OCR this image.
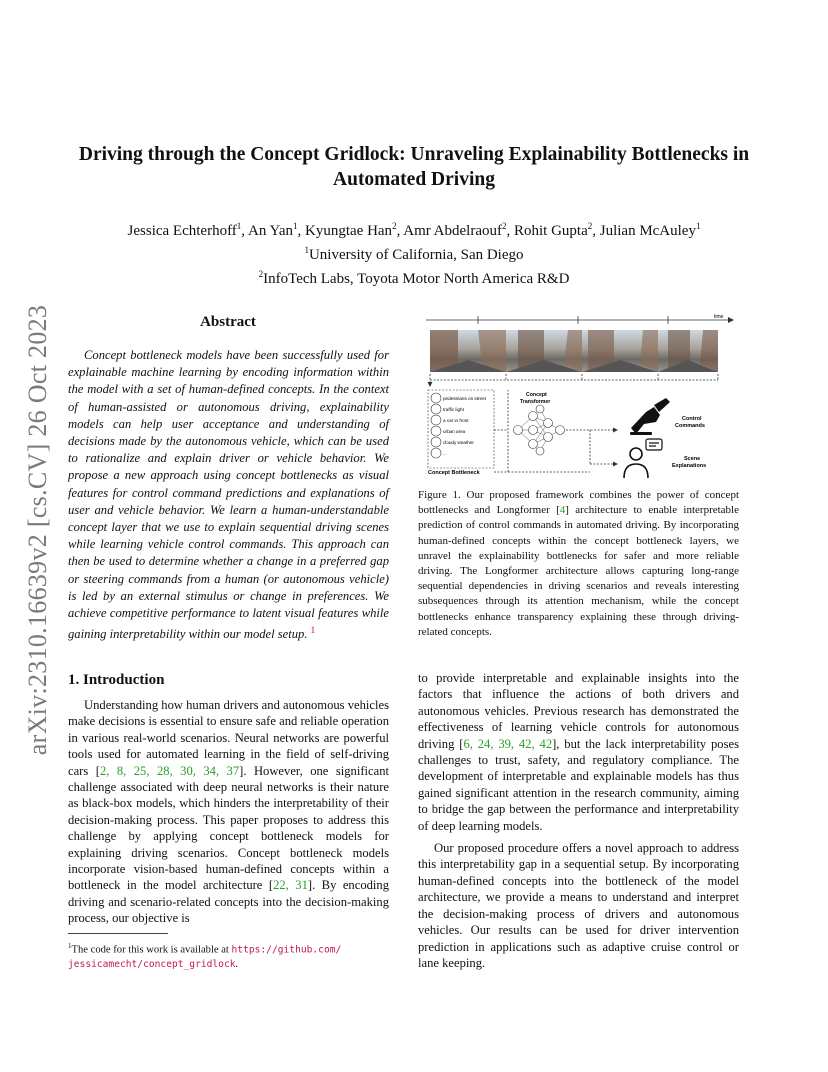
arXiv:2310.16639v2 [cs.CV] 26 Oct 2023
Driving through the Concept Gridlock: Unraveling Explainability Bottlenecks in
Automated Driving
Jessica Echterhoff$^1$, An Yan$^1$, Kyungtae Han$^2$, Amr Abdelraouf$^2$, Rohit Gupta$^2$, Julian McAuley$^1$
$^1$University of California, San Diego
$^2$InfoTech Labs, Toyota Motor North America R&D
Abstract
Concept bottleneck models have been successfully used for explainable machine learning by encoding information within the model with a set of human-defined concepts. In the context of human-assisted or autonomous driving, explainability models can help user acceptance and understanding of decisions made by the autonomous vehicle, which can be used to rationalize and explain driver or vehicle behavior. We propose a new approach using concept bottlenecks as visual features for control command predictions and explanations of user and vehicle behavior. We learn a human-understandable concept layer that we use to explain sequential driving scenes while learning vehicle control commands. This approach can then be used to determine whether a change in a preferred gap or steering commands from a human (or autonomous vehicle) is led by an external stimulus or change in preferences. We achieve competitive performance to latent visual features while gaining interpretability within our model setup. $^1$
time
pedestrians on street
traffic light
a car in front
urban area
cloudy weather
...
Concept Bottleneck
Concept
Transformer
Control
Commands
Scene
Explanations
Figure 1. Our proposed framework combines the power of concept bottlenecks and Longformer [4] architecture to enable interpretable prediction of control commands in automated driving. By incorporating human-defined concepts within the concept bottleneck layers, we unravel the explainability bottlenecks for safer and more reliable driving. The Longformer architecture allows capturing long-range sequential dependencies in driving scenarios and reveals interesting subsequences through its attention mechanism, while the concept bottlenecks enhance transparency explaining these through driving-related concepts.
1. Introduction
Understanding how human drivers and autonomous vehicles make decisions is essential to ensure safe and reliable operation in various real-world scenarios. Neural networks are powerful tools used for automated learning in the field of self-driving cars [2, 8, 25, 28, 30, 34, 37]. However, one significant challenge associated with deep neural networks is their nature as black-box models, which hinders the interpretability of their decision-making process. This paper proposes to address this challenge by applying concept bottleneck models for explaining driving scenarios. Concept bottleneck models incorporate vision-based human-defined concepts within a bottleneck in the model architecture [22, 31]. By encoding driving and scenario-related concepts into the decision-making process, our objective is

to provide interpretable and explainable insights into the factors that influence the actions of both drivers and autonomous vehicles. Previous research has demonstrated the effectiveness of learning vehicle controls for autonomous driving [6, 24, 39, 42, 42], but the lack interpretability poses challenges to trust, safety, and regulatory compliance. The development of interpretable and explainable models has thus gained significant attention in the research community, aiming to bridge the gap between the performance and interpretability of deep learning models.

Our proposed procedure offers a novel approach to address this interpretability gap in a sequential setup. By incorporating human-defined concepts into the bottleneck of the model architecture, we provide a means to understand and interpret the decision-making process of drivers and autonomous vehicles. Our results can be used for driver intervention prediction in applications such as adaptive cruise control or lane keeping.

$^1$The code for this work is available at https://github.com/
jessicamecht/concept_gridlock.
